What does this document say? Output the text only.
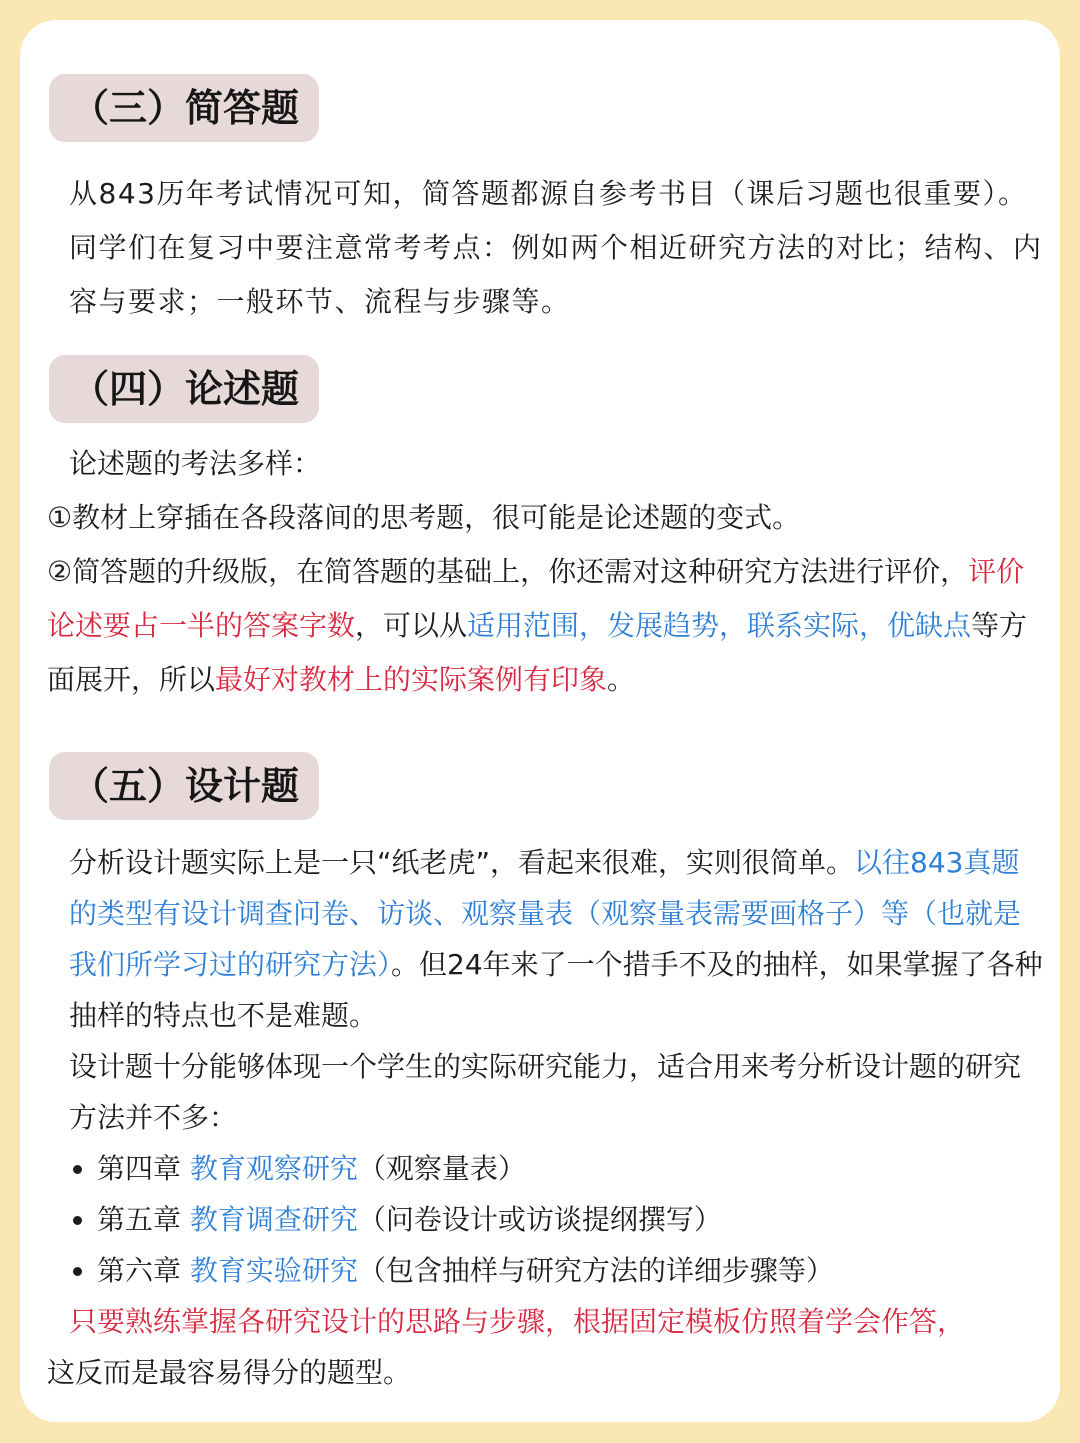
（三）简答题
从843历年考试情况可知，简答题都源自参考书目（课后习题也很重要）。同学们在复习中要注意常考考点：例如两个相近研究方法的对比；结构、内容与要求；一般环节、流程与步骤等。
（四）论述题
论述题的考法多样：
①教材上穿插在各段落间的思考题，很可能是论述题的变式。
②简答题的升级版，在简答题的基础上，你还需对这种研究方法进行评价，评价论述要占一半的答案字数，可以从适用范围，发展趋势，联系实际，优缺点等方面展开，所以最好对教材上的实际案例有印象。
（五）设计题
分析设计题实际上是一只“纸老虎”，看起来很难，实则很简单。以往843真题的类型有设计调查问卷、访谈、观察量表（观察量表需要画格子）等（也就是我们所学习过的研究方法）。但24年来了一个措手不及的抽样，如果掌握了各种抽样的特点也不是难题。
设计题十分能够体现一个学生的实际研究能力，适合用来考分析设计题的研究方法并不多：
第四章 教育观察研究（观察量表）
第五章 教育调查研究（问卷设计或访谈提纲撰写）
第六章 教育实验研究（包含抽样与研究方法的详细步骤等）
只要熟练掌握各研究设计的思路与步骤，根据固定模板仿照着学会作答，
这反而是最容易得分的题型。
